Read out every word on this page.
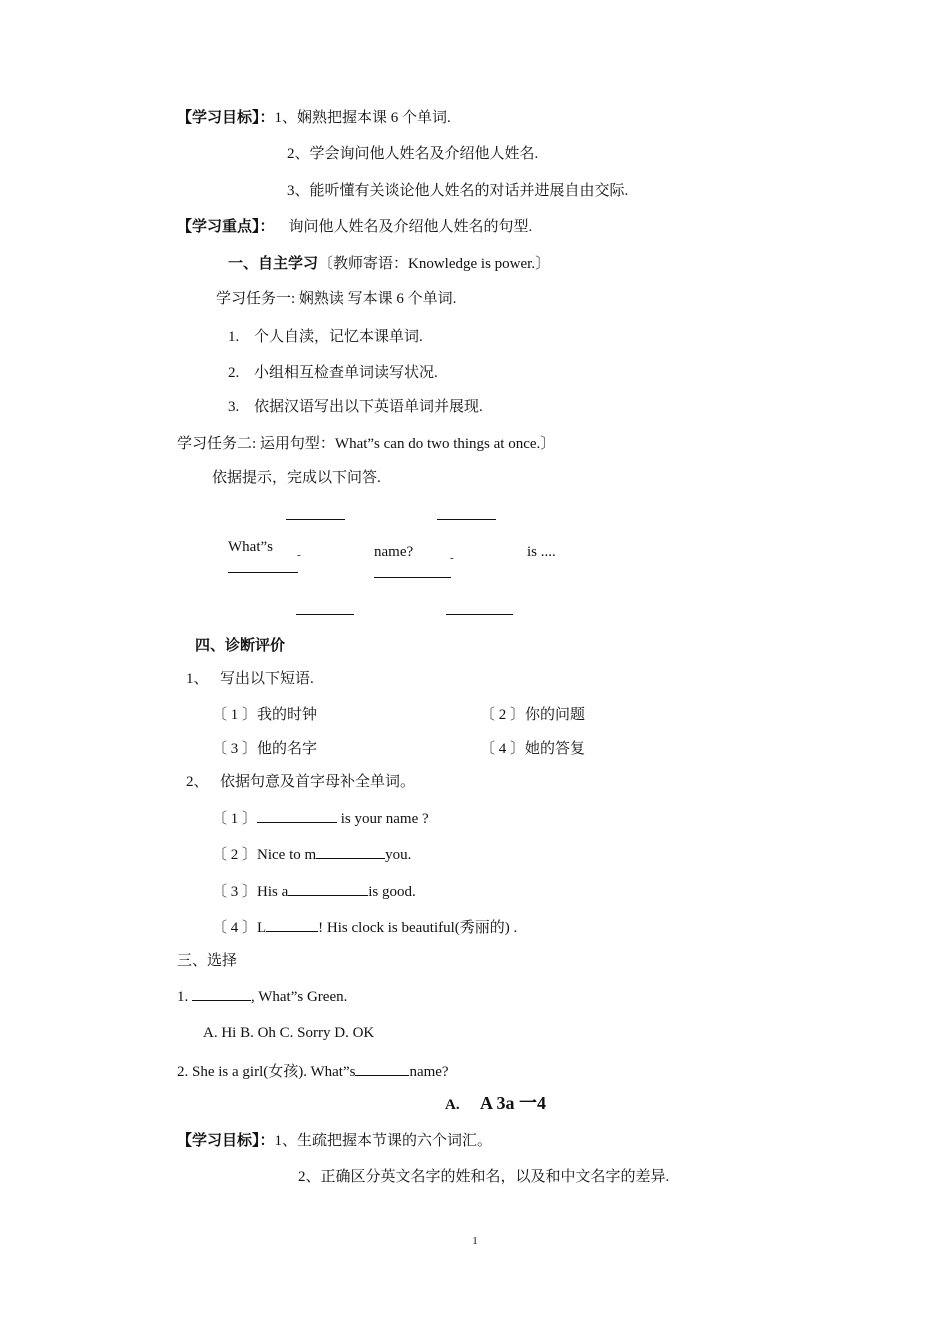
【学习目标】：1、娴熟把握本课 6 个单词.
2、学会询问他人姓名及介绍他人姓名.
3、能听懂有关谈论他人姓名的对话并进展自由交际.
【学习重点】： 询问他人姓名及介绍他人姓名的句型.
一、自主学习〔教师寄语：Knowledge is power.〕
学习任务一: 娴熟读 写本课 6 个单词.
1. 个人自渎，记忆本课单词.
2. 小组相互检查单词读写状况.
3. 依据汉语写出以下英语单词并展现.
学习任务二: 运用句型：What”s can do two things at once.〕
依据提示，完成以下问答.
What”s -	name?	-	is ....
四、诊断评价
1、 写出以下短语.
〔 1 〕我的时钟	〔 2 〕你的问题
〔 3 〕他的名字	〔 4 〕她的答复
2、 依据句意及首字母补全单词。
〔 1 〕	is your name ?
〔 2 〕Nice to m	you.
〔 3 〕His a	is good.
〔 4 〕L	! His clock is beautiful(秀丽的) .
三、选择
1.	, What”s Green.
A. Hi B. Oh C. Sorry D. OK
2. She is a girl(女孩). What”s	name?
A. A 3a 一4
【学习目标】：1、生疏把握本节课的六个词汇。
2、正确区分英文名字的姓和名，以及和中文名字的差异.
1
